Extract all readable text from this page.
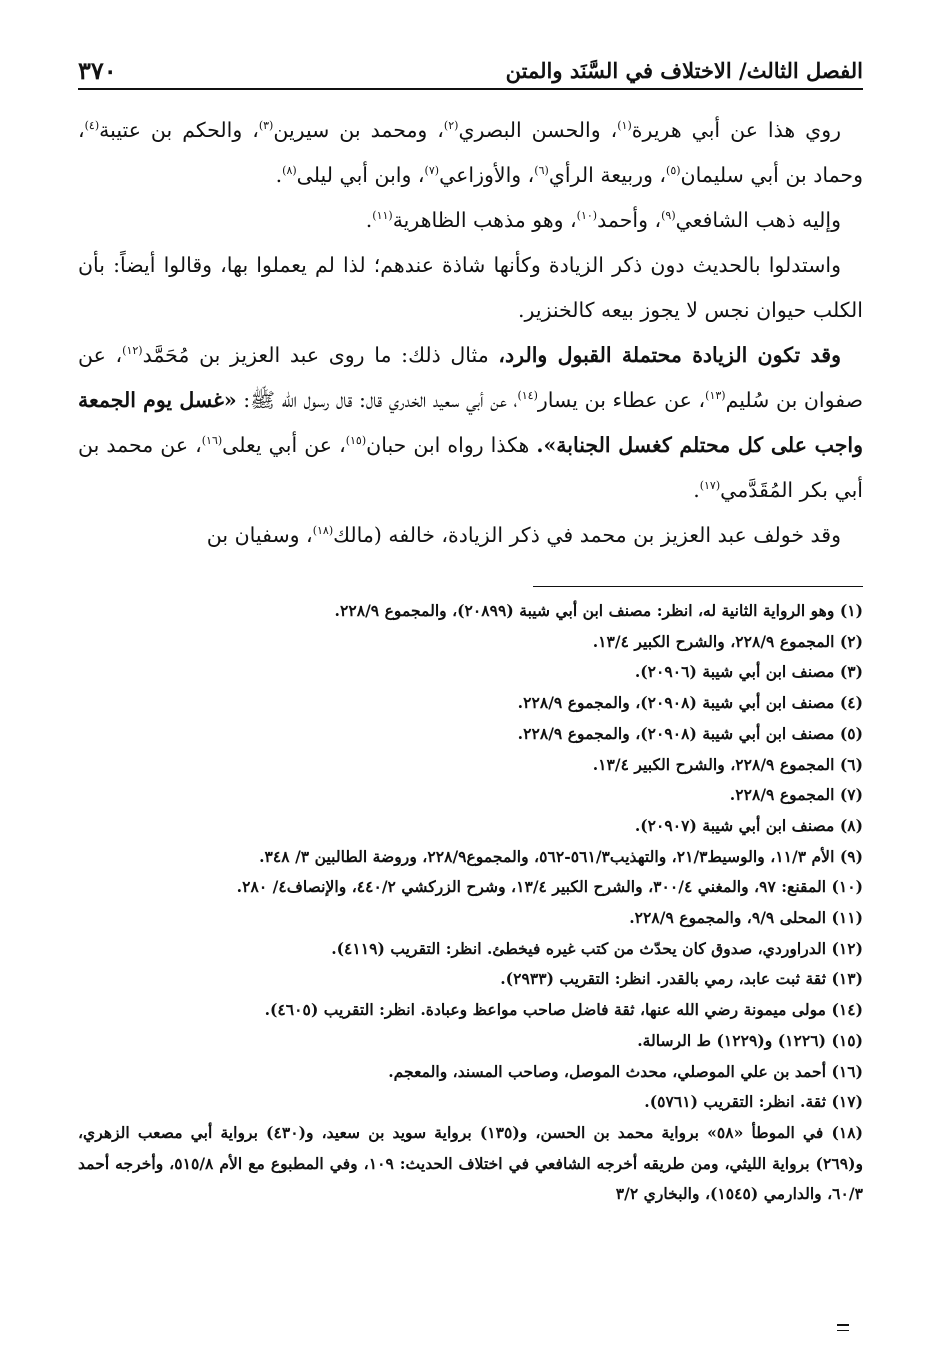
الفصل الثالث/ الاختلاف في السَّنَد والمتن
٣٧٠

روي هذا عن أبي هريرة$^{(١)}$، والحسن البصري$^{(٢)}$، ومحمد بن سيرين$^{(٣)}$، والحكم بن عتيبة$^{(٤)}$، وحماد بن أبي سليمان$^{(٥)}$، وربيعة الرأي$^{(٦)}$، والأوزاعي$^{(٧)}$، وابن أبي ليلى$^{(٨)}$.

وإليه ذهب الشافعي$^{(٩)}$، وأحمد$^{(١٠)}$، وهو مذهب الظاهرية$^{(١١)}$.

واستدلوا بالحديث دون ذكر الزيادة وكأنها شاذة عندهم؛ لذا لم يعملوا بها، وقالوا أيضاً: بأن الكلب حيوان نجس لا يجوز بيعه كالخنزير.

وقد تكون الزيادة محتملة القبول والرد، مثال ذلك: ما روى عبد العزيز بن مُحَمَّد$^{(١٢)}$، عن صفوان بن سُليم$^{(١٣)}$، عن عطاء بن يسار$^{(١٤)}$، عن أبي سعيد الخدري قال: قال رسول الله ﷺ: «غسل يوم الجمعة واجب على كل محتلم كغسل الجنابة». هكذا رواه ابن حبان$^{(١٥)}$، عن أبي يعلى$^{(١٦)}$، عن محمد بن أبي بكر المُقَدَّمي$^{(١٧)}$.

وقد خولف عبد العزيز بن محمد في ذكر الزيادة، خالفه (مالك$^{(١٨)}$، وسفيان بن

(١) وهو الرواية الثانية له، انظر: مصنف ابن أبي شيبة (٢٠٨٩٩)، والمجموع ٢٢٨/٩.
(٢) المجموع ٢٢٨/٩، والشرح الكبير ١٣/٤.
(٣) مصنف ابن أبي شيبة (٢٠٩٠٦).
(٤) مصنف ابن أبي شيبة (٢٠٩٠٨)، والمجموع ٢٢٨/٩.
(٥) مصنف ابن أبي شيبة (٢٠٩٠٨)، والمجموع ٢٢٨/٩.
(٦) المجموع ٢٢٨/٩، والشرح الكبير ١٣/٤.
(٧) المجموع ٢٢٨/٩.
(٨) مصنف ابن أبي شيبة (٢٠٩٠٧).
(٩) الأم ١١/٣، والوسيط٢١/٣، والتهذيب٥٦١/٣-٥٦٢، والمجموع٢٢٨/٩، وروضة الطالبين ٣/ ٣٤٨.
(١٠) المقنع: ٩٧، والمغني ٣٠٠/٤، والشرح الكبير ١٣/٤، وشرح الزركشي ٤٤٠/٢، والإنصاف٤/ ٢٨٠.
(١١) المحلى ٩/٩، والمجموع ٢٢٨/٩.
(١٢) الدراوردي، صدوق كان يحدّث من كتب غيره فيخطئ. انظر: التقريب (٤١١٩).
(١٣) ثقة ثبت عابد، رمي بالقدر. انظر: التقريب (٢٩٣٣).
(١٤) مولى ميمونة رضي الله عنها، ثقة فاضل صاحب مواعظ وعبادة. انظر: التقريب (٤٦٠٥).
(١٥) (١٢٢٦) و(١٢٢٩) ط الرسالة.
(١٦) أحمد بن علي الموصلي، محدث الموصل، وصاحب المسند، والمعجم.
(١٧) ثقة. انظر: التقريب (٥٧٦١).
(١٨) في الموطأ «٥٨» برواية محمد بن الحسن، و(١٣٥) برواية سويد بن سعيد، و(٤٣٠) برواية أبي مصعب الزهري، و(٢٦٩) برواية الليثي، ومن طريقه أخرجه الشافعي في اختلاف الحديث: ١٠٩، وفي المطبوع مع الأم ٥١٥/٨، وأخرجه أحمد ٦٠/٣، والدارمي (١٥٤٥)، والبخاري ٣/٢
